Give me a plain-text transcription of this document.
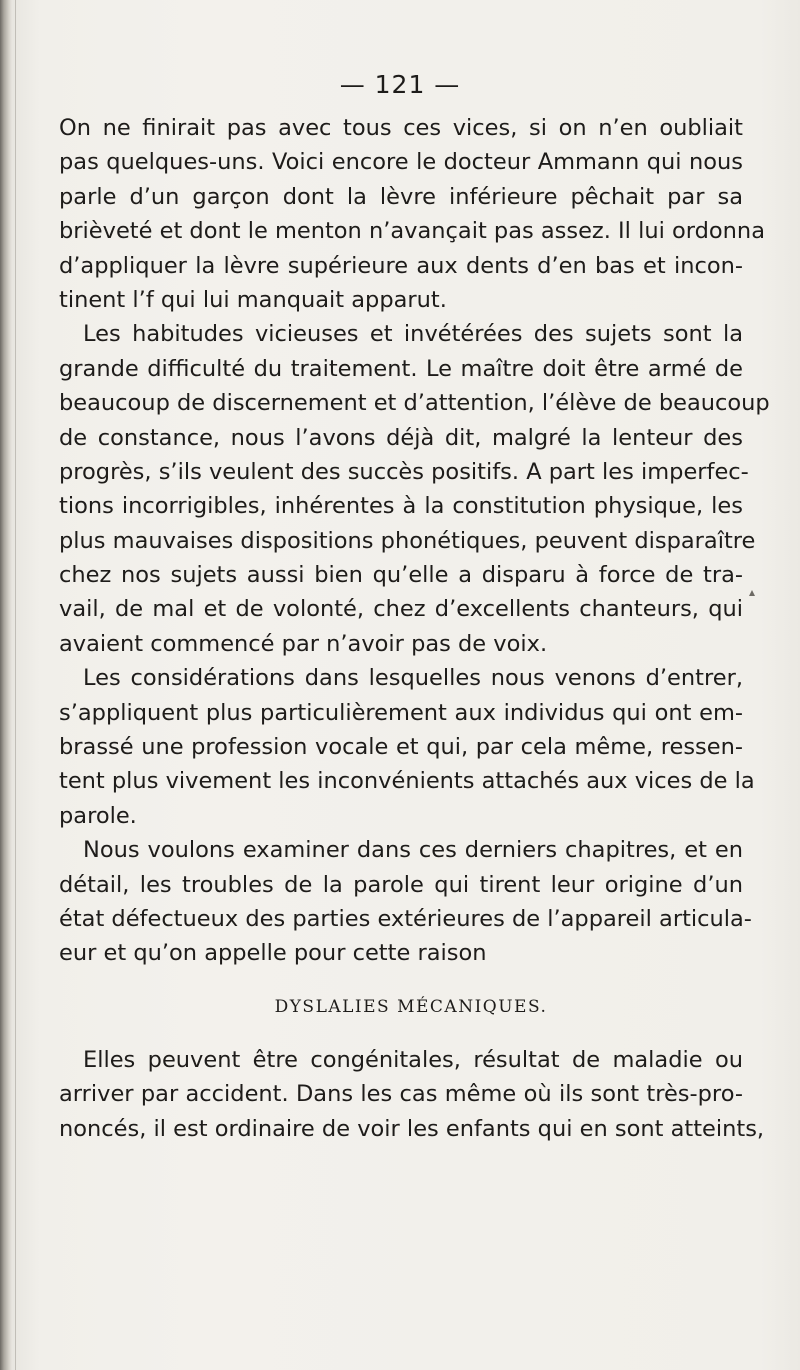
— 121 —
On ne finirait pas avec tous ces vices, si on n’en oubliait
pas quelques-uns. Voici encore le docteur Ammann qui nous
parle d’un garçon dont la lèvre inférieure pêchait par sa
brièveté et dont le menton n’avançait pas assez. Il lui ordonna
d’appliquer la lèvre supérieure aux dents d’en bas et incon-
tinent l’f qui lui manquait apparut.
Les habitudes vicieuses et invétérées des sujets sont la
grande difficulté du traitement. Le maître doit être armé de
beaucoup de discernement et d’attention, l’élève de beaucoup
de constance, nous l’avons déjà dit, malgré la lenteur des
progrès, s’ils veulent des succès positifs. A part les imperfec-
tions incorrigibles, inhérentes à la constitution physique, les
plus mauvaises dispositions phonétiques, peuvent disparaître
chez nos sujets aussi bien qu’elle a disparu à force de tra-
vail, de mal et de volonté, chez d’excellents chanteurs, qui
avaient commencé par n’avoir pas de voix.
Les considérations dans lesquelles nous venons d’entrer,
s’appliquent plus particulièrement aux individus qui ont em-
brassé une profession vocale et qui, par cela même, ressen-
tent plus vivement les inconvénients attachés aux vices de la
parole.
Nous voulons examiner dans ces derniers chapitres, et en
détail, les troubles de la parole qui tirent leur origine d’un
état défectueux des parties extérieures de l’appareil articula-
eur et qu’on appelle pour cette raison
DYSLALIES MÉCANIQUES.
Elles peuvent être congénitales, résultat de maladie ou
arriver par accident. Dans les cas même où ils sont très-pro-
noncés, il est ordinaire de voir les enfants qui en sont atteints,
